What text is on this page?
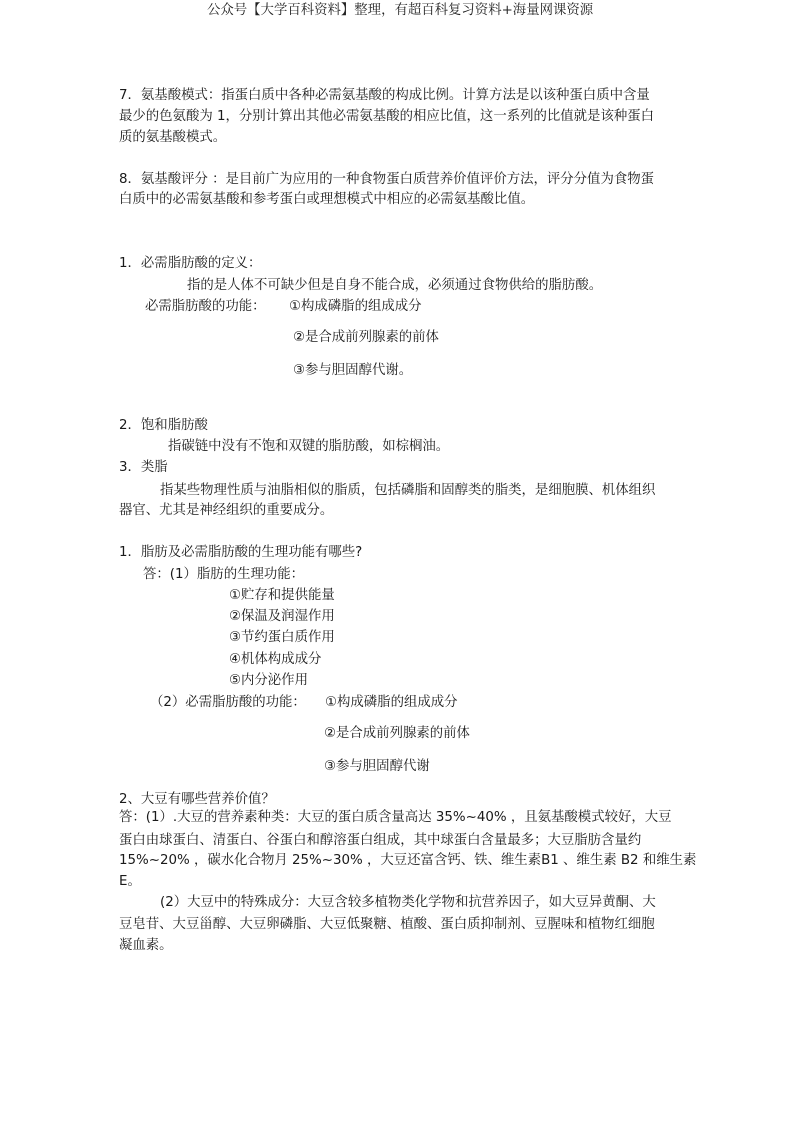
公众号【大学百科资料】整理，有超百科复习资料+海量网课资源

7．氨基酸模式：指蛋白质中各种必需氨基酸的构成比例。计算方法是以该种蛋白质中含量

最少的色氨酸为 1，分别计算出其他必需氨基酸的相应比值，这一系列的比值就是该种蛋白

质的氨基酸模式。

8．氨基酸评分 ：是目前广为应用的一种食物蛋白质营养价值评价方法，评分分值为食物蛋

白质中的必需氨基酸和参考蛋白或理想模式中相应的必需氨基酸比值。

1．必需脂肪酸的定义：

指的是人体不可缺少但是自身不能合成，必须通过食物供给的脂肪酸。

必需脂肪酸的功能： ①构成磷脂的组成成分

②是合成前列腺素的前体

③参与胆固醇代谢。

2．饱和脂肪酸

指碳链中没有不饱和双键的脂肪酸，如棕榈油。

3．类脂

指某些物理性质与油脂相似的脂质，包括磷脂和固醇类的脂类，是细胞膜、机体组织

器官、尤其是神经组织的重要成分。

1．脂肪及必需脂肪酸的生理功能有哪些?

答：(1）脂肪的生理功能：

①贮存和提供能量

②保温及润湿作用

③节约蛋白质作用

④机体构成成分

⑤内分泌作用

（2）必需脂肪酸的功能： ①构成磷脂的组成成分

②是合成前列腺素的前体

③参与胆固醇代谢

2、大豆有哪些营养价值？

答：(1）.大豆的营养素种类：大豆的蛋白质含量高达 35%~40% ，且氨基酸模式较好，大豆

蛋白由球蛋白、清蛋白、谷蛋白和醇溶蛋白组成，其中球蛋白含量最多；大豆脂肪含量约

15%~20% ，碳水化合物月 25%~30% ，大豆还富含钙、铁、维生素B1 、维生素 B2 和维生素

E。

(2）大豆中的特殊成分：大豆含较多植物类化学物和抗营养因子，如大豆异黄酮、大

豆皂苷、大豆甾醇、大豆卵磷脂、大豆低聚糖、植酸、蛋白质抑制剂、豆腥味和植物红细胞

凝血素。
